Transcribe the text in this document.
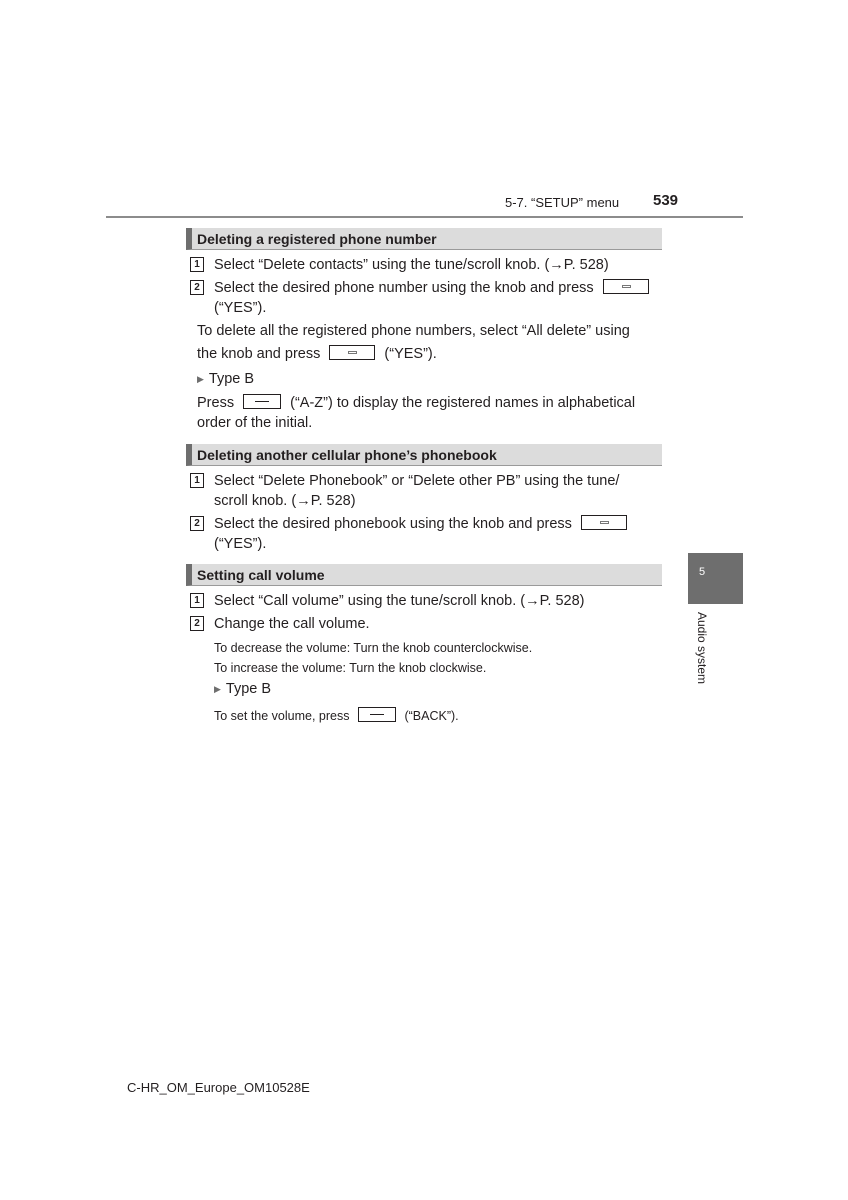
5-7. “SETUP” menu 539
Deleting a registered phone number
1 Select “Delete contacts” using the tune/scroll knob. (→P. 528)
2 Select the desired phone number using the knob and press
(“YES”).
To delete all the registered phone numbers, select “All delete” using
the knob and press	(“YES”).
▶ Type B
Press	(“A-Z”) to display the registered names in alphabetical
order of the initial.
Deleting another cellular phone’s phonebook
1 Select “Delete Phonebook” or “Delete other PB” using the tune/
scroll knob. (→P. 528)
2 Select the desired phonebook using the knob and press
(“YES”).
Setting call volume
1 Select “Call volume” using the tune/scroll knob. (→P. 528)
2 Change the call volume.
To decrease the volume: Turn the knob counterclockwise.
To increase the volume: Turn the knob clockwise.
▶ Type B
To set the volume, press	(“BACK”).
5
Audio system
C-HR_OM_Europe_OM10528E
